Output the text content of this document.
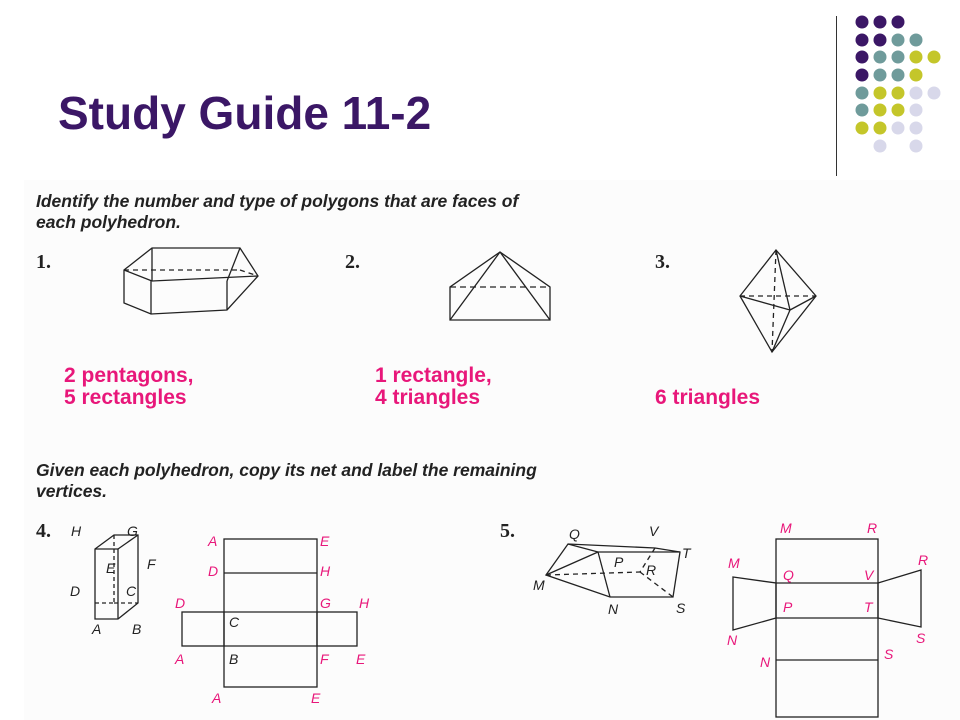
Study Guide 11-2

Identify the number and type of polygons that are faces of

each polyhedron.

1.	2.	3.
2 pentagons,
5 rectangles
1 rectangle,
4 triangles	6 triangles

Given each polyhedron, copy its net and label the remaining

vertices.

4.	5.
H	G
E F
D	C
A B	C
B
A	E
D	H
D	G H
A	F E
A	E
Q	V
T
P R
M
N	S
M	R
M
Q	V
R
P	T
N	S
N	S
